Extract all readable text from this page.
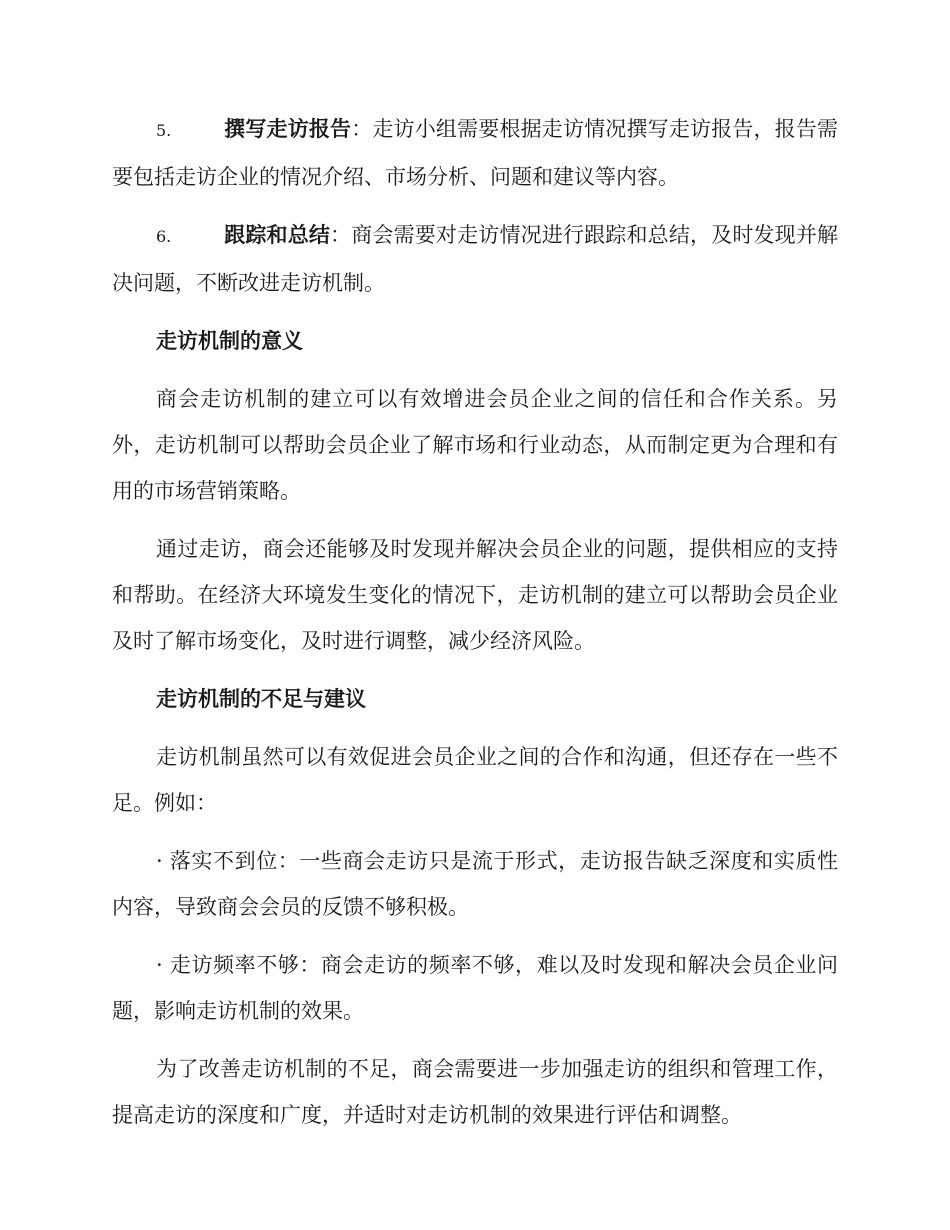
5.	撰写走访报告：走访小组需要根据走访情况撰写走访报告，报告需要包括走访企业的情况介绍、市场分析、问题和建议等内容。

6.	跟踪和总结：商会需要对走访情况进行跟踪和总结，及时发现并解决问题，不断改进走访机制。

走访机制的意义

商会走访机制的建立可以有效增进会员企业之间的信任和合作关系。另外，走访机制可以帮助会员企业了解市场和行业动态，从而制定更为合理和有用的市场营销策略。

通过走访，商会还能够及时发现并解决会员企业的问题，提供相应的支持和帮助。在经济大环境发生变化的情况下，走访机制的建立可以帮助会员企业及时了解市场变化，及时进行调整，减少经济风险。

走访机制的不足与建议

走访机制虽然可以有效促进会员企业之间的合作和沟通，但还存在一些不足。例如：

· 落实不到位：一些商会走访只是流于形式，走访报告缺乏深度和实质性内容，导致商会会员的反馈不够积极。

· 走访频率不够：商会走访的频率不够，难以及时发现和解决会员企业问题，影响走访机制的效果。

为了改善走访机制的不足，商会需要进一步加强走访的组织和管理工作，提高走访的深度和广度，并适时对走访机制的效果进行评估和调整。
